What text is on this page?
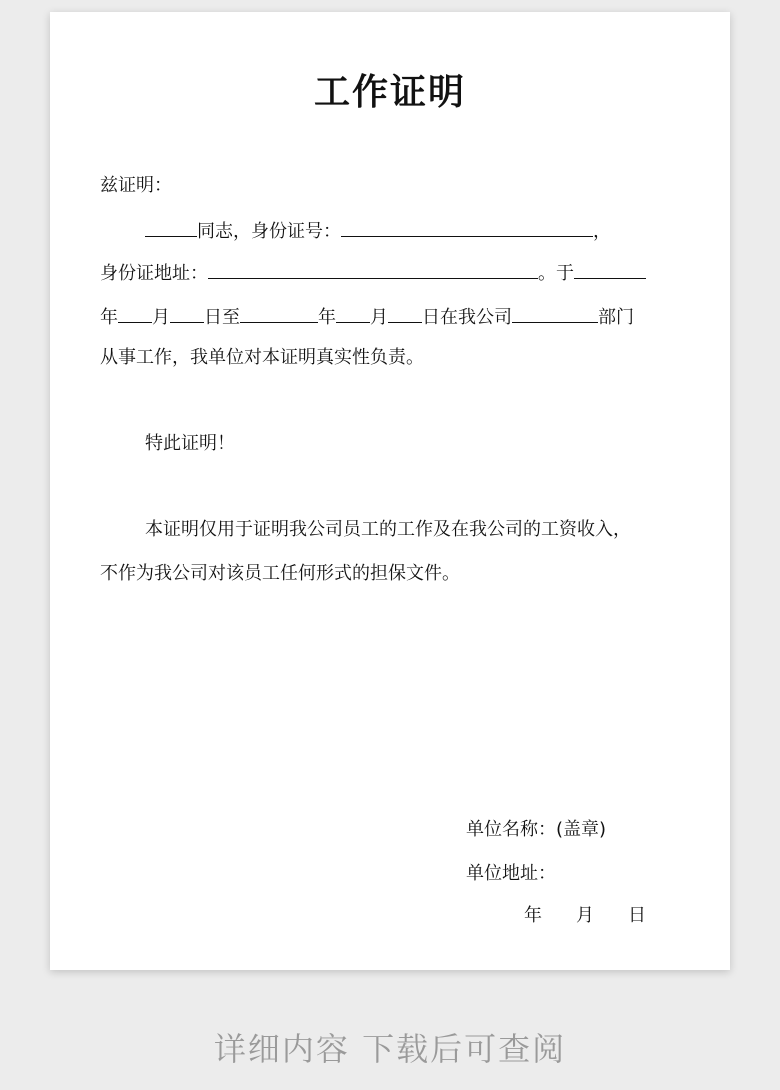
工作证明
兹证明：
同志，身份证号：	，
身份证地址：	。于
年 月 日至	年 月 日在我公司	部门
从事工作，我单位对本证明真实性负责。
特此证明！
本证明仅用于证明我公司员工的工作及在我公司的工资收入，
不作为我公司对该员工任何形式的担保文件。
单位名称：(盖章)
单位地址：
年 月 日
详细内容 下载后可查阅
